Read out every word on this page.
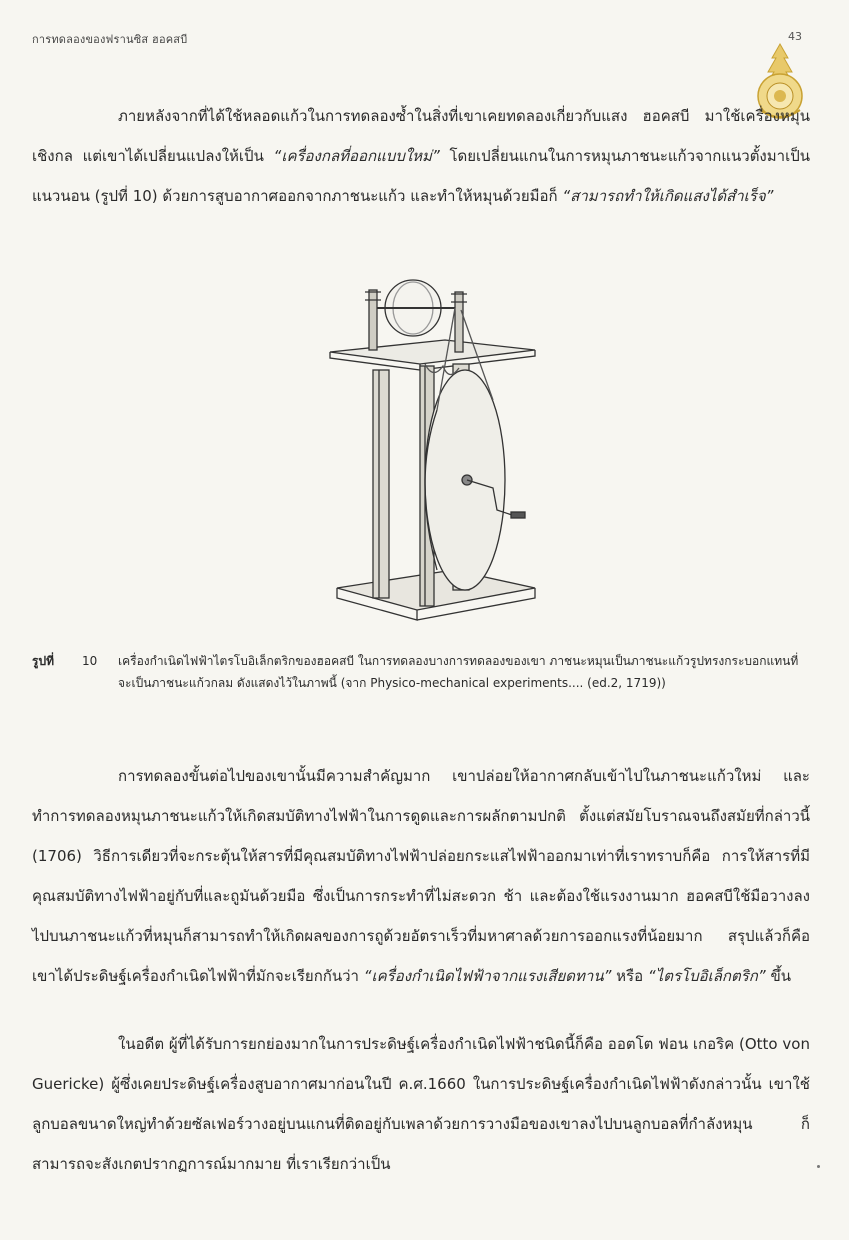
การทดลองของฟรานซิส ฮอคสบี	43

ภายหลังจากที่ได้ใช้หลอดแก้วในการทดลองซ้ำในสิ่งที่เขาเคยทดลองเกี่ยวกับแสง ฮอคสบี มาใช้เครื่องหมุนเชิงกล แต่เขาได้เปลี่ยนแปลงให้เป็น “เครื่องกลที่ออกแบบใหม่” โดยเปลี่ยนแกนในการหมุนภาชนะแก้วจากแนวตั้งมาเป็นแนวนอน (รูปที่ 10) ด้วยการสูบอากาศออกจากภาชนะแก้ว และทำให้หมุนด้วยมือก็ “สามารถทำให้เกิดแสงได้สำเร็จ”

รูปที่	10	เครื่องกำเนิดไฟฟ้าไตรโบอิเล็กตริกของฮอคสบี ในการทดลองบางการทดลองของเขา ภาชนะหมุนเป็นภาชนะแก้วรูปทรงกระบอกแทนที่จะเป็นภาชนะแก้วกลม ดังแสดงไว้ในภาพนี้ (จาก Physico-mechanical experiments.... (ed.2, 1719))

การทดลองขั้นต่อไปของเขานั้นมีความสำคัญมาก เขาปล่อยให้อากาศกลับเข้าไปในภาชนะแก้วใหม่ และทำการทดลองหมุนภาชนะแก้วให้เกิดสมบัติทางไฟฟ้าในการดูดและการผลักตามปกติ ตั้งแต่สมัยโบราณจนถึงสมัยที่กล่าวนี้ (1706) วิธีการเดียวที่จะกระตุ้นให้สารที่มีคุณสมบัติทางไฟฟ้าปล่อยกระแสไฟฟ้าออกมาเท่าที่เราทราบก็คือ การให้สารที่มีคุณสมบัติทางไฟฟ้าอยู่กับที่และถูมันด้วยมือ ซึ่งเป็นการกระทำที่ไม่สะดวก ช้า และต้องใช้แรงงานมาก ฮอคสบีใช้มือวางลงไปบนภาชนะแก้วที่หมุนก็สามารถทำให้เกิดผลของการถูด้วยอัตราเร็วที่มหาศาลด้วยการออกแรงที่น้อยมาก สรุปแล้วก็คือเขาได้ประดิษฐ์เครื่องกำเนิดไฟฟ้าที่มักจะเรียกกันว่า “เครื่องกำเนิดไฟฟ้าจากแรงเสียดทาน” หรือ “ไตรโบอิเล็กตริก” ขึ้น

ในอดีต ผู้ที่ได้รับการยกย่องมากในการประดิษฐ์เครื่องกำเนิดไฟฟ้าชนิดนี้ก็คือ ออตโต ฟอน เกอริค (Otto von Guericke) ผู้ซึ่งเคยประดิษฐ์เครื่องสูบอากาศมาก่อนในปี ค.ศ.1660 ในการประดิษฐ์เครื่องกำเนิดไฟฟ้าดังกล่าวนั้น เขาใช้ลูกบอลขนาดใหญ่ทำด้วยซัลเฟอร์วางอยู่บนแกนที่ติดอยู่กับเพลาด้วยการวางมือของเขาลงไปบนลูกบอลที่กำลังหมุน ก็สามารถจะสังเกตปรากฏการณ์มากมาย ที่เราเรียกว่าเป็น
